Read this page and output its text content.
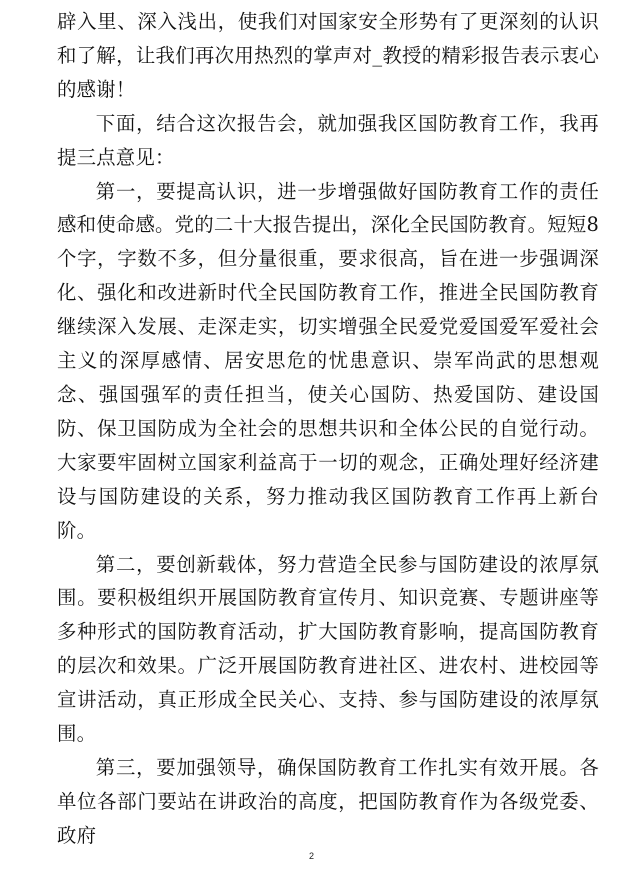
辟入里、深入浅出，使我们对国家安全形势有了更深刻的认识和了解，让我们再次用热烈的掌声对_教授的精彩报告表示衷心的感谢！

下面，结合这次报告会，就加强我区国防教育工作，我再提三点意见：

第一，要提高认识，进一步增强做好国防教育工作的责任感和使命感。党的二十大报告提出，深化全民国防教育。短短8个字，字数不多，但分量很重，要求很高，旨在进一步强调深化、强化和改进新时代全民国防教育工作，推进全民国防教育继续深入发展、走深走实，切实增强全民爱党爱国爱军爱社会主义的深厚感情、居安思危的忧患意识、崇军尚武的思想观念、强国强军的责任担当，使关心国防、热爱国防、建设国防、保卫国防成为全社会的思想共识和全体公民的自觉行动。大家要牢固树立国家利益高于一切的观念，正确处理好经济建设与国防建设的关系，努力推动我区国防教育工作再上新台阶。

第二，要创新载体，努力营造全民参与国防建设的浓厚氛围。要积极组织开展国防教育宣传月、知识竞赛、专题讲座等多种形式的国防教育活动，扩大国防教育影响，提高国防教育的层次和效果。广泛开展国防教育进社区、进农村、进校园等宣讲活动，真正形成全民关心、支持、参与国防建设的浓厚氛围。

第三，要加强领导，确保国防教育工作扎实有效开展。各单位各部门要站在讲政治的高度，把国防教育作为各级党委、政府

2
